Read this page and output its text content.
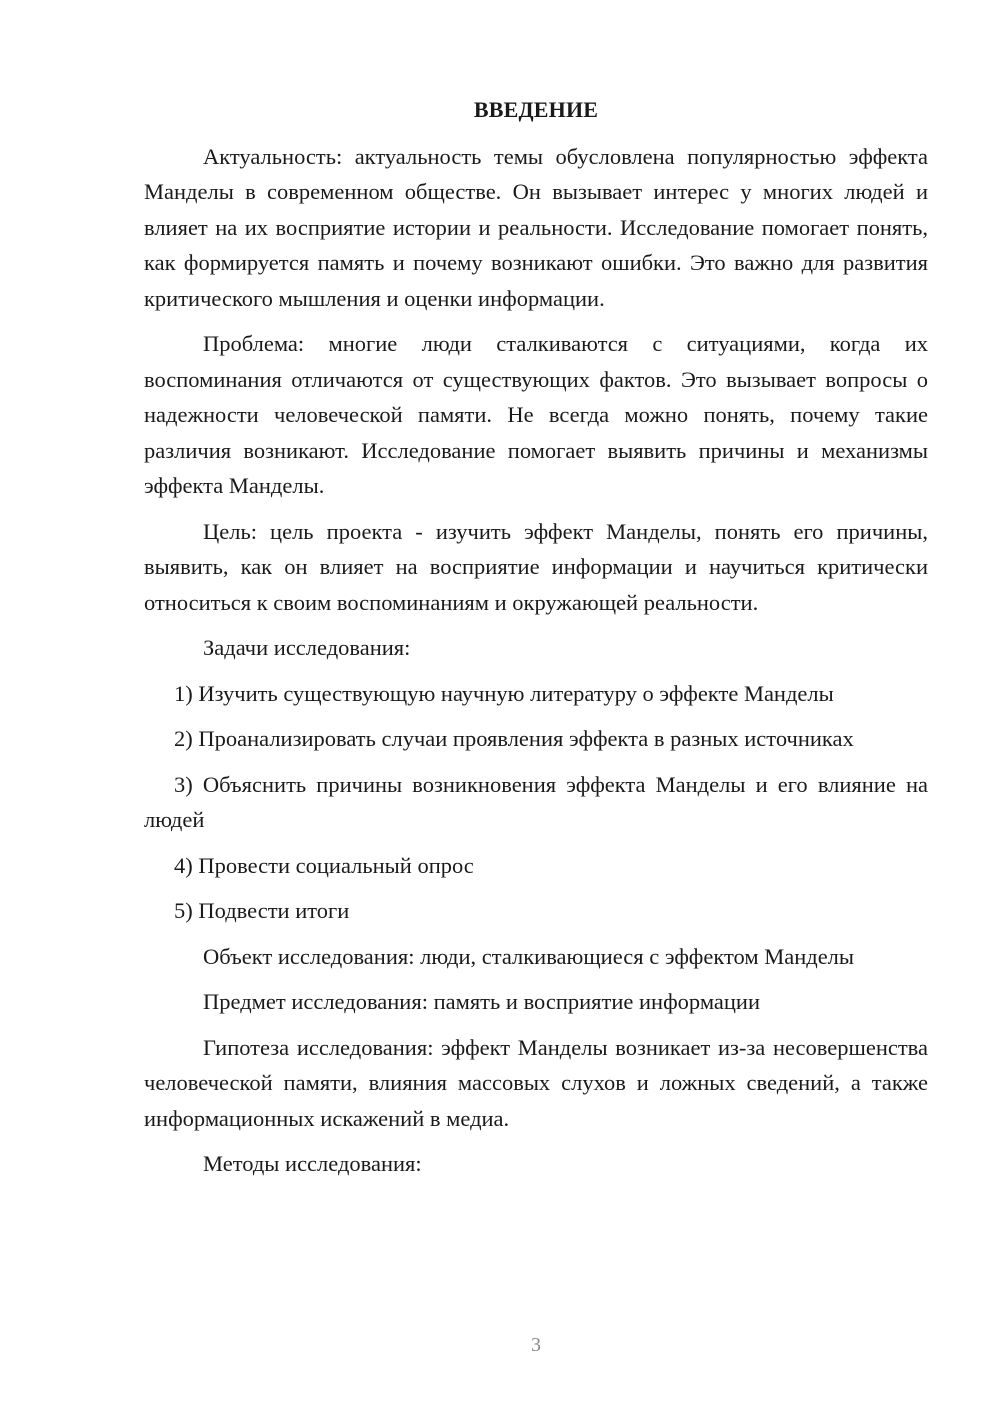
ВВЕДЕНИЕ

Актуальность: актуальность темы обусловлена популярностью эффекта Манделы в современном обществе. Он вызывает интерес у многих людей и влияет на их восприятие истории и реальности. Исследование помогает понять, как формируется память и почему возникают ошибки. Это важно для развития критического мышления и оценки информации.

Проблема: многие люди сталкиваются с ситуациями, когда их воспоминания отличаются от существующих фактов. Это вызывает вопросы о надежности человеческой памяти. Не всегда можно понять, почему такие различия возникают. Исследование помогает выявить причины и механизмы эффекта Манделы.

Цель: цель проекта - изучить эффект Манделы, понять его причины, выявить, как он влияет на восприятие информации и научиться критически относиться к своим воспоминаниям и окружающей реальности.

Задачи исследования:

1) Изучить существующую научную литературу о эффекте Манделы

2) Проанализировать случаи проявления эффекта в разных источниках

3) Объяснить причины возникновения эффекта Манделы и его влияние на людей

4) Провести социальный опрос

5) Подвести итоги

Объект исследования: люди, сталкивающиеся с эффектом Манделы

Предмет исследования: память и восприятие информации

Гипотеза исследования: эффект Манделы возникает из-за несовершенства человеческой памяти, влияния массовых слухов и ложных сведений, а также информационных искажений в медиа.

Методы исследования:

3
